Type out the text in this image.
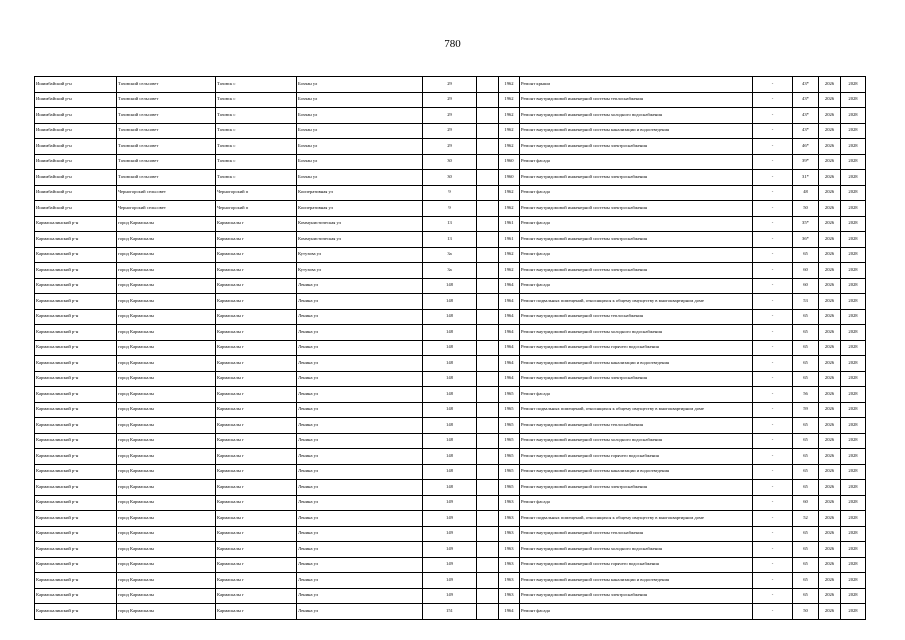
780
Ишимбайский р-н	Тазовский сельсовет	Тазовск с	Бохчан ул	29		1962	Ремонт крыши	-	43*	2026	2028
Ишимбайский р-н	Тазовский сельсовет	Тазовск с	Бохчан ул	29		1962	Ремонт внутридомовой инженерной системы теплоснабжения	-	43*	2026	2028
Ишимбайский р-н	Тазовский сельсовет	Тазовск с	Бохчан ул	29		1962	Ремонт внутридомовой инженерной системы холодного водоснабжения	-	43*	2026	2028
Ишимбайский р-н	Тазовский сельсовет	Тазовск с	Бохчан ул	29		1962	Ремонт внутридомовой инженерной системы канализации и водоотведения	-	43*	2026	2028
Ишимбайский р-н	Тазовский сельсовет	Тазовск с	Бохчан ул	29		1962	Ремонт внутридомовой инженерной системы электроснабжения	-	46*	2026	2028
Ишимбайский р-н	Тазовский сельсовет	Тазовск с	Бохчан ул	30		1960	Ремонт фасада	-	39*	2026	2028
Ишимбайский р-н	Тазовский сельсовет	Тазовск с	Бохчан ул	30		1960	Ремонт внутридомовой инженерной системы электроснабжения	-	31*	2026	2028
Ишимбайский р-н	Черногорский сельсовет	Черногорский п	Кооперативная ул	9		1962	Ремонт фасада	-	48	2026	2028
Ишимбайский р-н	Черногорский сельсовет	Черногорский п	Кооперативная ул	9		1962	Ремонт внутридомовой инженерной системы электроснабжения	-	50	2026	2028
Кармаскалинский р-н	город Кармаскалы	Кармаскалы г	Коммунистическая ул	13		1961	Ремонт фасада	-	35*	2026	2028
Кармаскалинский р-н	город Кармаскалы	Кармаскалы г	Коммунистическая ул	13		1961	Ремонт внутридомовой инженерной системы электроснабжения	-	36*	2026	2028
Кармаскалинский р-н	город Кармаскалы	Кармаскалы г	Кутузова ул	3а		1962	Ремонт фасада	-	65	2026	2028
Кармаскалинский р-н	город Кармаскалы	Кармаскалы г	Кутузова ул	3а		1962	Ремонт внутридомовой инженерной системы электроснабжения	-	60	2026	2028
Кармаскалинский р-н	город Кармаскалы	Кармаскалы г	Ленина ул	148		1964	Ремонт фасада	-	60	2026	2028
Кармаскалинский р-н	город Кармаскалы	Кармаскалы г	Ленина ул	148		1964	Ремонт подвальных помещений, относящихся к общему имуществу в многоквартирном доме	-	53	2026	2028
Кармаскалинский р-н	город Кармаскалы	Кармаскалы г	Ленина ул	148		1964	Ремонт внутридомовой инженерной системы теплоснабжения	-	65	2026	2028
Кармаскалинский р-н	город Кармаскалы	Кармаскалы г	Ленина ул	148		1964	Ремонт внутридомовой инженерной системы холодного водоснабжения	-	65	2026	2028
Кармаскалинский р-н	город Кармаскалы	Кармаскалы г	Ленина ул	148		1964	Ремонт внутридомовой инженерной системы горячего водоснабжения	-	65	2026	2028
Кармаскалинский р-н	город Кармаскалы	Кармаскалы г	Ленина ул	148		1964	Ремонт внутридомовой инженерной системы канализации и водоотведения	-	65	2026	2028
Кармаскалинский р-н	город Кармаскалы	Кармаскалы г	Ленина ул	148		1964	Ремонт внутридомовой инженерной системы электроснабжения	-	65	2026	2028
Кармаскалинский р-н	город Кармаскалы	Кармаскалы г	Ленина ул	148		1965	Ремонт фасада	-	56	2026	2028
Кармаскалинский р-н	город Кармаскалы	Кармаскалы г	Ленина ул	148		1965	Ремонт подвальных помещений, относящихся к общему имуществу в многоквартирном доме	-	59	2026	2028
Кармаскалинский р-н	город Кармаскалы	Кармаскалы г	Ленина ул	148		1965	Ремонт внутридомовой инженерной системы теплоснабжения	-	65	2026	2028
Кармаскалинский р-н	город Кармаскалы	Кармаскалы г	Ленина ул	148		1965	Ремонт внутридомовой инженерной системы холодного водоснабжения	-	65	2026	2028
Кармаскалинский р-н	город Кармаскалы	Кармаскалы г	Ленина ул	148		1965	Ремонт внутридомовой инженерной системы горячего водоснабжения	-	65	2026	2028
Кармаскалинский р-н	город Кармаскалы	Кармаскалы г	Ленина ул	148		1965	Ремонт внутридомовой инженерной системы канализации и водоотведения	-	65	2026	2028
Кармаскалинский р-н	город Кармаскалы	Кармаскалы г	Ленина ул	148		1965	Ремонт внутридомовой инженерной системы электроснабжения	-	65	2026	2028
Кармаскалинский р-н	город Кармаскалы	Кармаскалы г	Ленина ул	149		1963	Ремонт фасада	-	60	2026	2028
Кармаскалинский р-н	город Кармаскалы	Кармаскалы г	Ленина ул	149		1963	Ремонт подвальных помещений, относящихся к общему имуществу в многоквартирном доме	-	52	2026	2028
Кармаскалинский р-н	город Кармаскалы	Кармаскалы г	Ленина ул	149		1963	Ремонт внутридомовой инженерной системы теплоснабжения	-	65	2026	2028
Кармаскалинский р-н	город Кармаскалы	Кармаскалы г	Ленина ул	149		1963	Ремонт внутридомовой инженерной системы холодного водоснабжения	-	65	2026	2028
Кармаскалинский р-н	город Кармаскалы	Кармаскалы г	Ленина ул	149		1963	Ремонт внутридомовой инженерной системы горячего водоснабжения	-	65	2026	2028
Кармаскалинский р-н	город Кармаскалы	Кармаскалы г	Ленина ул	149		1963	Ремонт внутридомовой инженерной системы канализации и водоотведения	-	65	2026	2028
Кармаскалинский р-н	город Кармаскалы	Кармаскалы г	Ленина ул	149		1963	Ремонт внутридомовой инженерной системы электроснабжения	-	65	2026	2028
Кармаскалинский р-н	город Кармаскалы	Кармаскалы г	Ленина ул	151		1964	Ремонт фасада	-	50	2026	2028
